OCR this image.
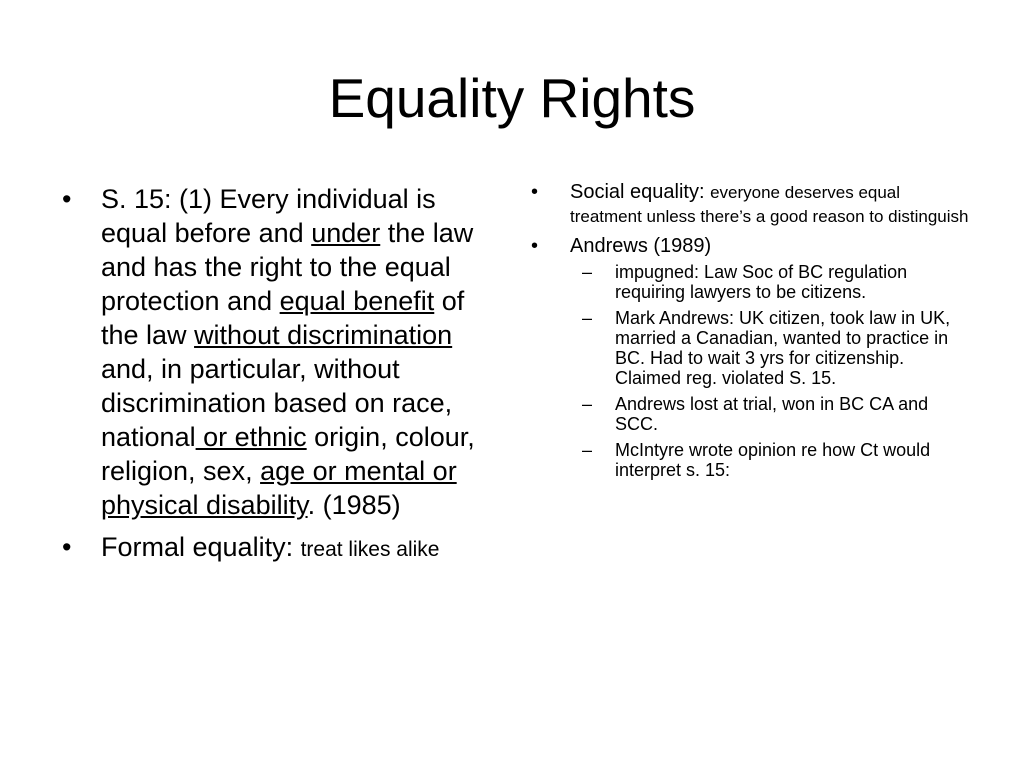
Equality Rights
• S. 15: (1) Every individual is equal before and under the law and has the right to the equal protection and equal benefit of the law without discrimination and, in particular, without discrimination based on race, national or ethnic origin, colour, religion, sex, age or mental or physical disability. (1985)
• Formal equality: treat likes alike
• Social equality: everyone deserves equal treatment unless there’s a good reason to distinguish
• Andrews (1989)
– impugned: Law Soc of BC regulation requiring lawyers to be citizens.
– Mark Andrews: UK citizen, took law in UK, married a Canadian, wanted to practice in BC. Had to wait 3 yrs for citizenship. Claimed reg. violated S. 15.
– Andrews lost at trial, won in BC CA and SCC.
– McIntyre wrote opinion re how Ct would interpret s. 15:
